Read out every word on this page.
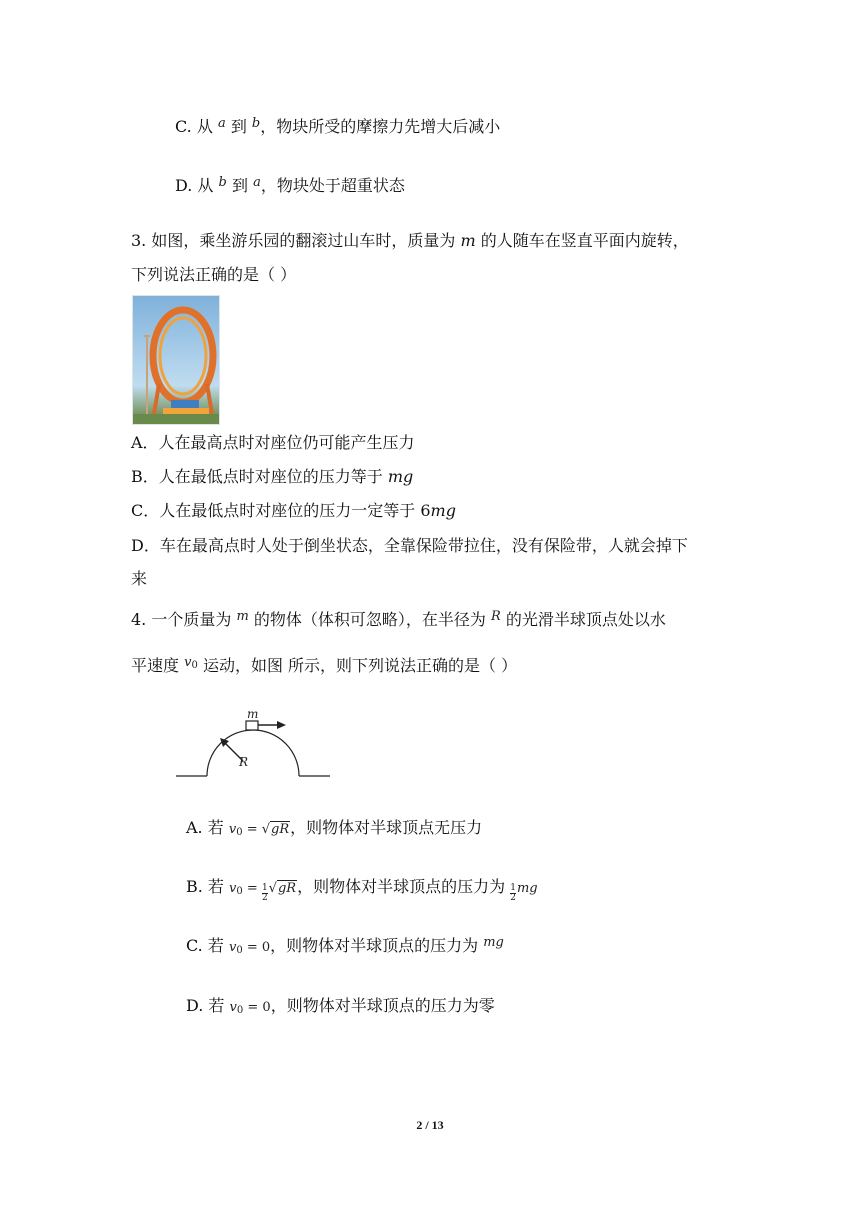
C. 从 $^a$ 到 $^b$，物块所受的摩擦力先增大后减小
D. 从 $^b$ 到 $^a$，物块处于超重状态
3. 如图，乘坐游乐园的翻滚过山车时，质量为 m 的人随车在竖直平面内旋转，
下列说法正确的是（ ）
A．人在最高点时对座位仍可能产生压力
B．人在最低点时对座位的压力等于 mg
C．人在最低点时对座位的压力一定等于 6mg
D．车在最高点时人处于倒坐状态，全靠保险带拉住，没有保险带，人就会掉下
来
4. 一个质量为 $^m$ 的物体（体积可忽略），在半径为 $^R$ 的光滑半球顶点处以水
平速度 $^{v_0}$ 运动，如图 所示，则下列说法正确的是（ ）
m
R
A. 若 $v_0 = √gR$，则物体对半球顶点无压力
B. 若 $v_0 = \frac{1}{2} √gR$，则物体对半球顶点的压力为 $\frac{1}{2}$ mg
C. 若 $v_0 = 0$，则物体对半球顶点的压力为 $^{mg}$
D. 若 $v_0 = 0$，则物体对半球顶点的压力为零
2 / 13
